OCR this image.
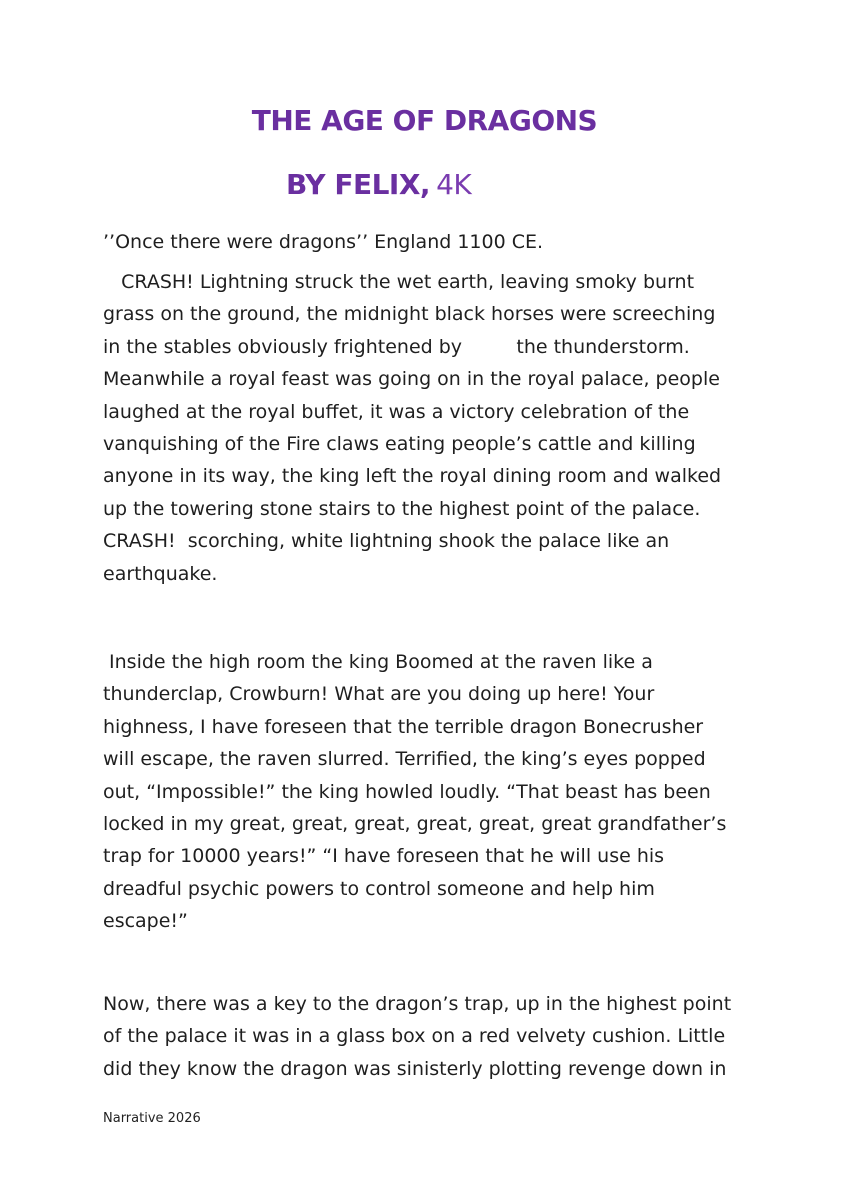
THE AGE OF DRAGONS
BY FELIX, 4K

’’Once there were dragons’’ England 1100 CE.

CRASH! Lightning struck the wet earth, leaving smoky burnt
grass on the ground, the midnight black horses were screeching
in the stables obviously frightened by         the thunderstorm.
Meanwhile a royal feast was going on in the royal palace, people
laughed at the royal buffet, it was a victory celebration of the
vanquishing of the Fire claws eating people’s cattle and killing
anyone in its way, the king left the royal dining room and walked
up the towering stone stairs to the highest point of the palace.
CRASH!  scorching, white lightning shook the palace like an
earthquake.

Inside the high room the king Boomed at the raven like a
thunderclap, Crowburn! What are you doing up here! Your
highness, I have foreseen that the terrible dragon Bonecrusher
will escape, the raven slurred. Terrified, the king’s eyes popped
out, “Impossible!” the king howled loudly. “That beast has been
locked in my great, great, great, great, great, great grandfather’s
trap for 10000 years!” “I have foreseen that he will use his
dreadful psychic powers to control someone and help him
escape!”

Now, there was a key to the dragon’s trap, up in the highest point
of the palace it was in a glass box on a red velvety cushion. Little
did they know the dragon was sinisterly plotting revenge down in

Narrative 2026
